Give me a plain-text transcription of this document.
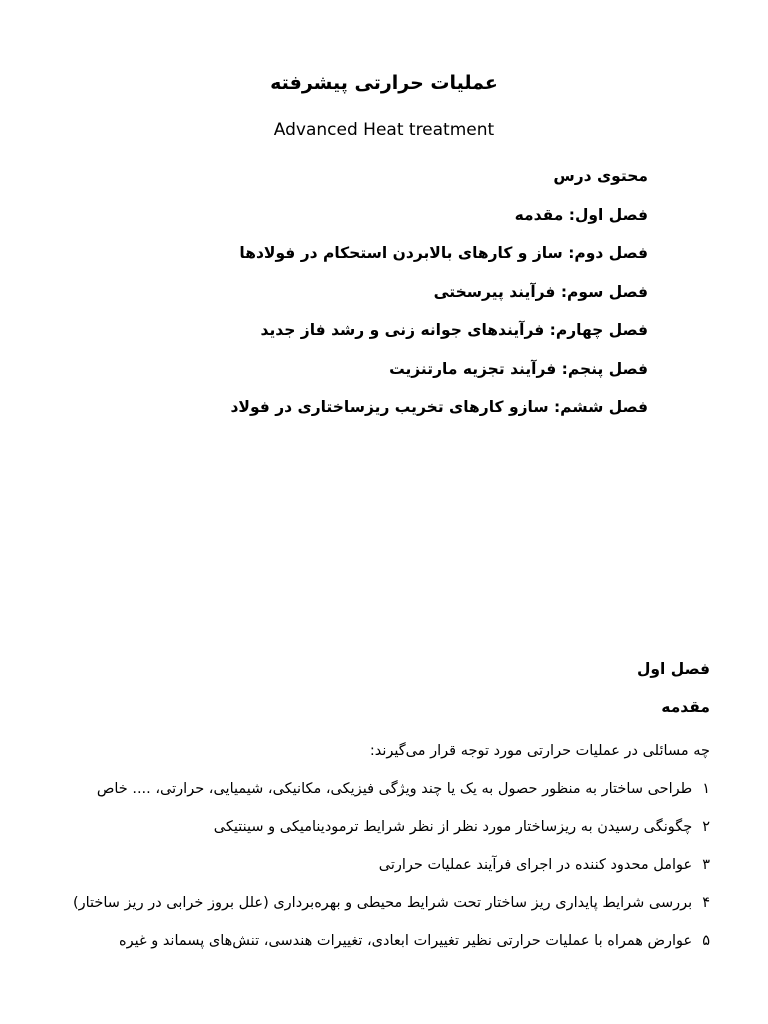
عملیات حرارتی پیشرفته
Advanced Heat treatment
محتوی درس
فصل اول: مقدمه
فصل دوم: ساز و کارهای بالابردن استحکام در فولادها
فصل سوم: فرآیند پیرسختی
فصل چهارم: فرآیندهای جوانه زنی و رشد فاز جدید
فصل پنجم: فرآیند تجزیه مارتنزیت
فصل ششم: سازو کارهای تخریب ریزساختاری در فولاد
فصل اول
مقدمه
چه مسائلی در عملیات حرارتی مورد توجه قرار می‌گیرند:
۱طراحی ساختار به منظور حصول به یک یا چند ویژگی فیزیکی، مکانیکی، شیمیایی، حرارتی، .... خاص
۲چگونگی رسیدن به ریزساختار مورد نظر از نظر شرایط ترمودینامیکی و سینتیکی
۳عوامل محدود کننده در اجرای فرآیند عملیات حرارتی
۴بررسی شرایط پایداری ریز ساختار تحت شرایط محیطی و بهره‌برداری (علل بروز خرابی در ریز ساختار)
۵عوارض همراه با عملیات حرارتی نظیر تغییرات ابعادی، تغییرات هندسی، تنش‌های پسماند و غیره
